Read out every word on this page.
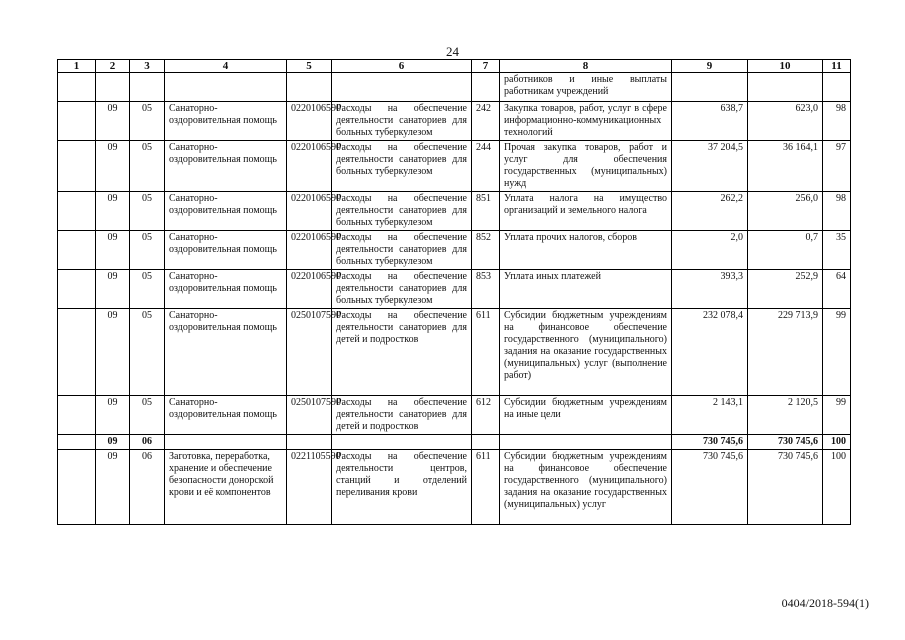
24
1	2	3	4	5	6	7	8	9	10	11
							работников и иные выплаты работникам учреждений			
	09	05	Санаторно-оздоровительная помощь	0220106590	Расходы на обеспечение деятельности санаториев для больных туберкулезом	242	Закупка товаров, работ, услуг в сфере информационно-коммуникационных технологий	638,7	623,0	98
	09	05	Санаторно-оздоровительная помощь	0220106590	Расходы на обеспечение деятельности санаториев для больных туберкулезом	244	Прочая закупка товаров, работ и услуг для обеспечения государственных (муниципальных) нужд	37 204,5	36 164,1	97
	09	05	Санаторно-оздоровительная помощь	0220106590	Расходы на обеспечение деятельности санаториев для больных туберкулезом	851	Уплата налога на имущество организаций и земельного налога	262,2	256,0	98
	09	05	Санаторно-оздоровительная помощь	0220106590	Расходы на обеспечение деятельности санаториев для больных туберкулезом	852	Уплата прочих налогов, сборов	2,0	0,7	35
	09	05	Санаторно-оздоровительная помощь	0220106590	Расходы на обеспечение деятельности санаториев для больных туберкулезом	853	Уплата иных платежей	393,3	252,9	64
	09	05	Санаторно-оздоровительная помощь	0250107590	Расходы на обеспечение деятельности санаториев для детей и подростков	611	Субсидии бюджетным учреждениям на финансовое обеспечение государственного (муниципального) задания на оказание государственных (муниципальных) услуг (выполнение работ)	232 078,4	229 713,9	99
	09	05	Санаторно-оздоровительная помощь	0250107590	Расходы на обеспечение деятельности санаториев для детей и подростков	612	Субсидии бюджетным учреждениям на иные цели	2 143,1	2 120,5	99
	09	06						730 745,6	730 745,6	100
	09	06	Заготовка, переработка, хранение и обеспечение безопасности донорской крови и её компонентов	0221105590	Расходы на обеспечение деятельности центров, станций и отделений переливания крови	611	Субсидии бюджетным учреждениям на финансовое обеспечение государственного (муниципального) задания на оказание государственных (муниципальных) услуг	730 745,6	730 745,6	100
0404/2018-594(1)
